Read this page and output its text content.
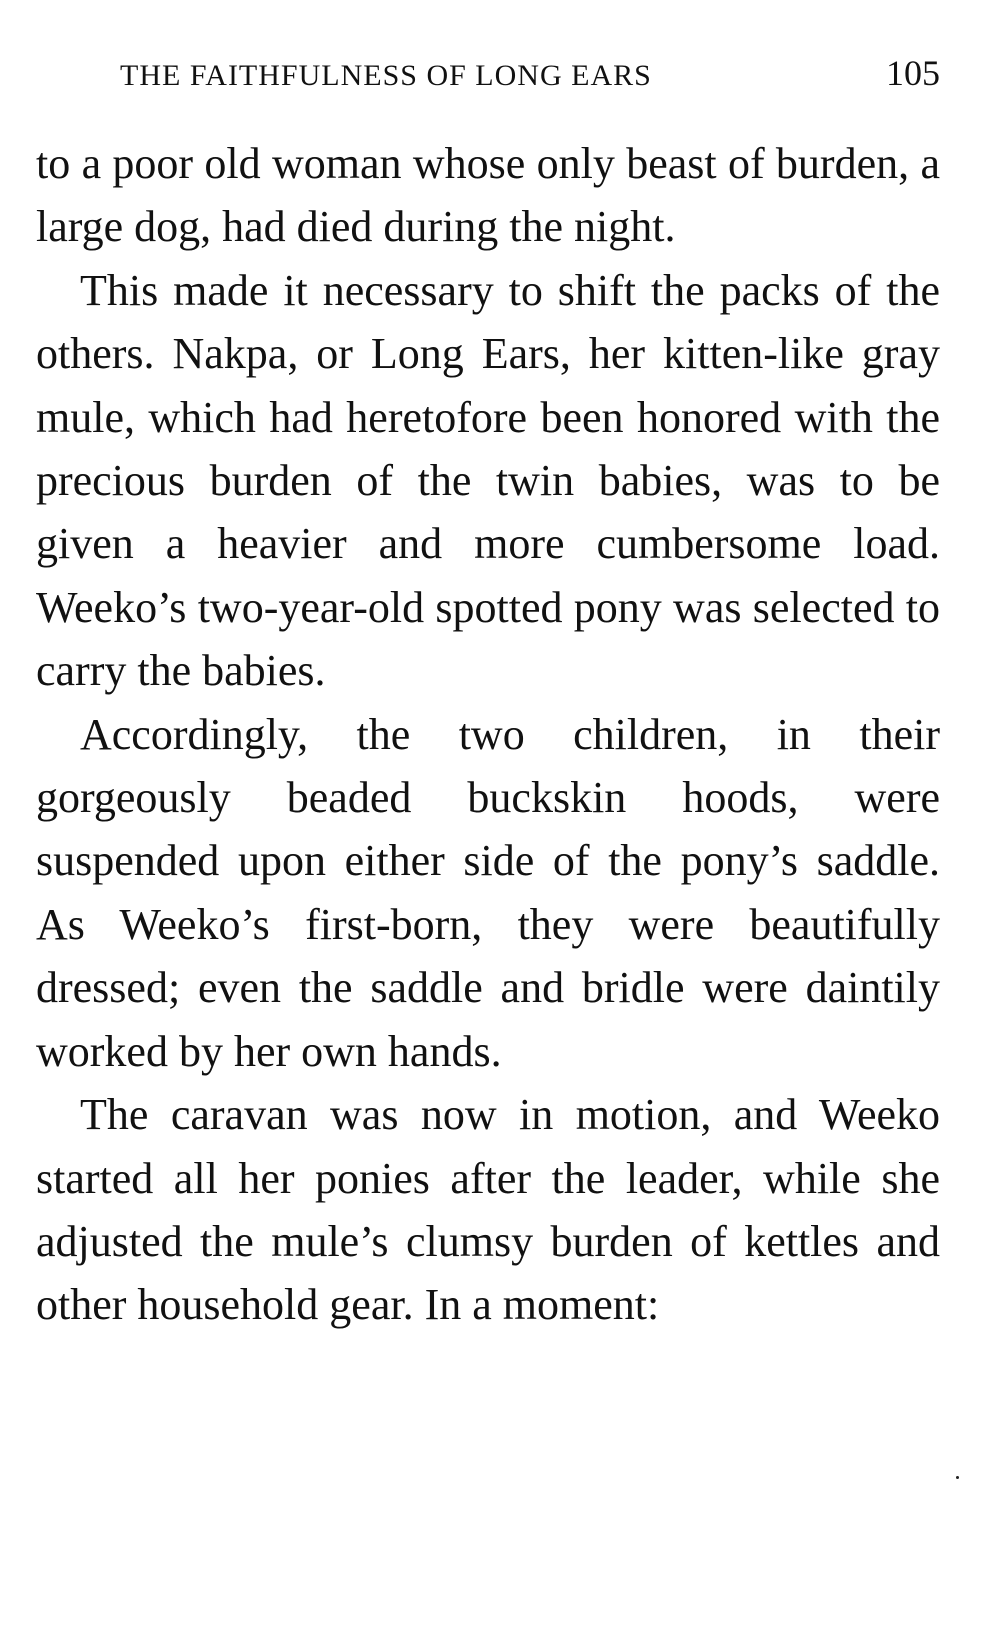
THE FAITHFULNESS OF LONG EARS	105

to a poor old woman whose only beast of burden, a large dog, had died during the night.

This made it necessary to shift the packs of the others. Nakpa, or Long Ears, her kitten-like gray mule, which had heretofore been honored with the precious burden of the twin babies, was to be given a heavier and more cumbersome load. Weeko’s two-year-old spotted pony was selected to carry the babies.

Accordingly, the two children, in their gorgeously beaded buckskin hoods, were suspended upon either side of the pony’s saddle. As Weeko’s first-born, they were beautifully dressed; even the saddle and bridle were daintily worked by her own hands.

The caravan was now in motion, and Weeko started all her ponies after the leader, while she adjusted the mule’s clumsy burden of kettles and other household gear. In a moment:
